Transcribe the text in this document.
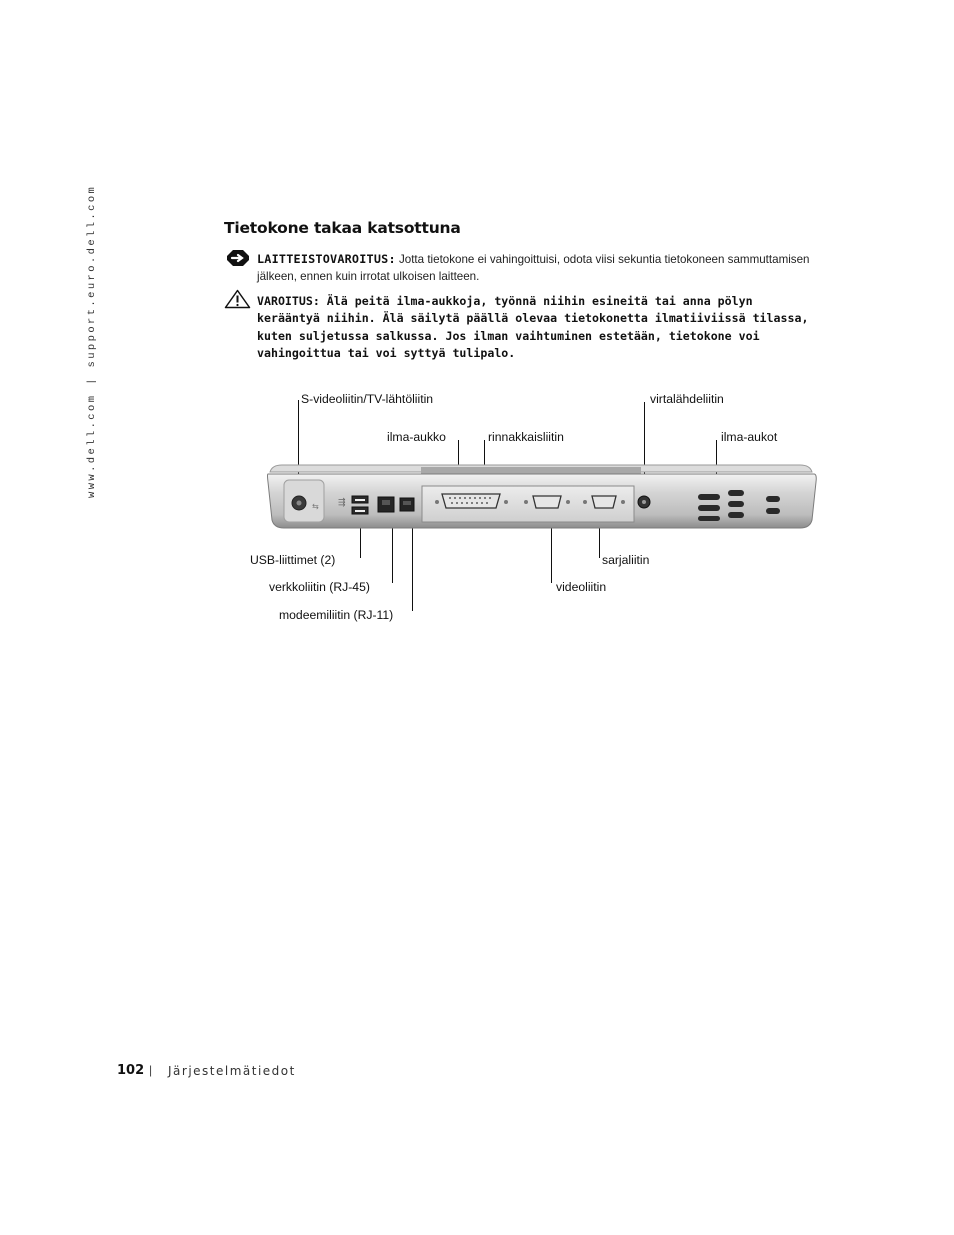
www.dell.com | support.euro.dell.com	Tietokone takaa katsottuna
LAITTEISTOVAROITUS: Jotta tietokone ei vahingoittuisi, odota viisi sekuntia tietokoneen sammuttamisen jälkeen, ennen kuin irrotat ulkoisen laitteen.
VAROITUS: Älä peitä ilma-aukkoja, työnnä niihin esineitä tai anna pölyn kerääntyä niihin. Älä säilytä päällä olevaa tietokonetta ilmatiiviissä tilassa, kuten suljetussa salkussa. Jos ilman vaihtuminen estetään, tietokone voi vahingoittua tai voi syttyä tulipalo.
S-videoliitin/TV-lähtöliitin
ilma-aukko	rinnakkaisliitin
virtalähdeliitin
ilma-aukot
USB-liittimet (2)
verkkoliitin (RJ-45)
modeemiliitin (RJ-11)
sarjaliitin
videoliitin
⇆ ⇶
102 | Järjestelmätiedot
